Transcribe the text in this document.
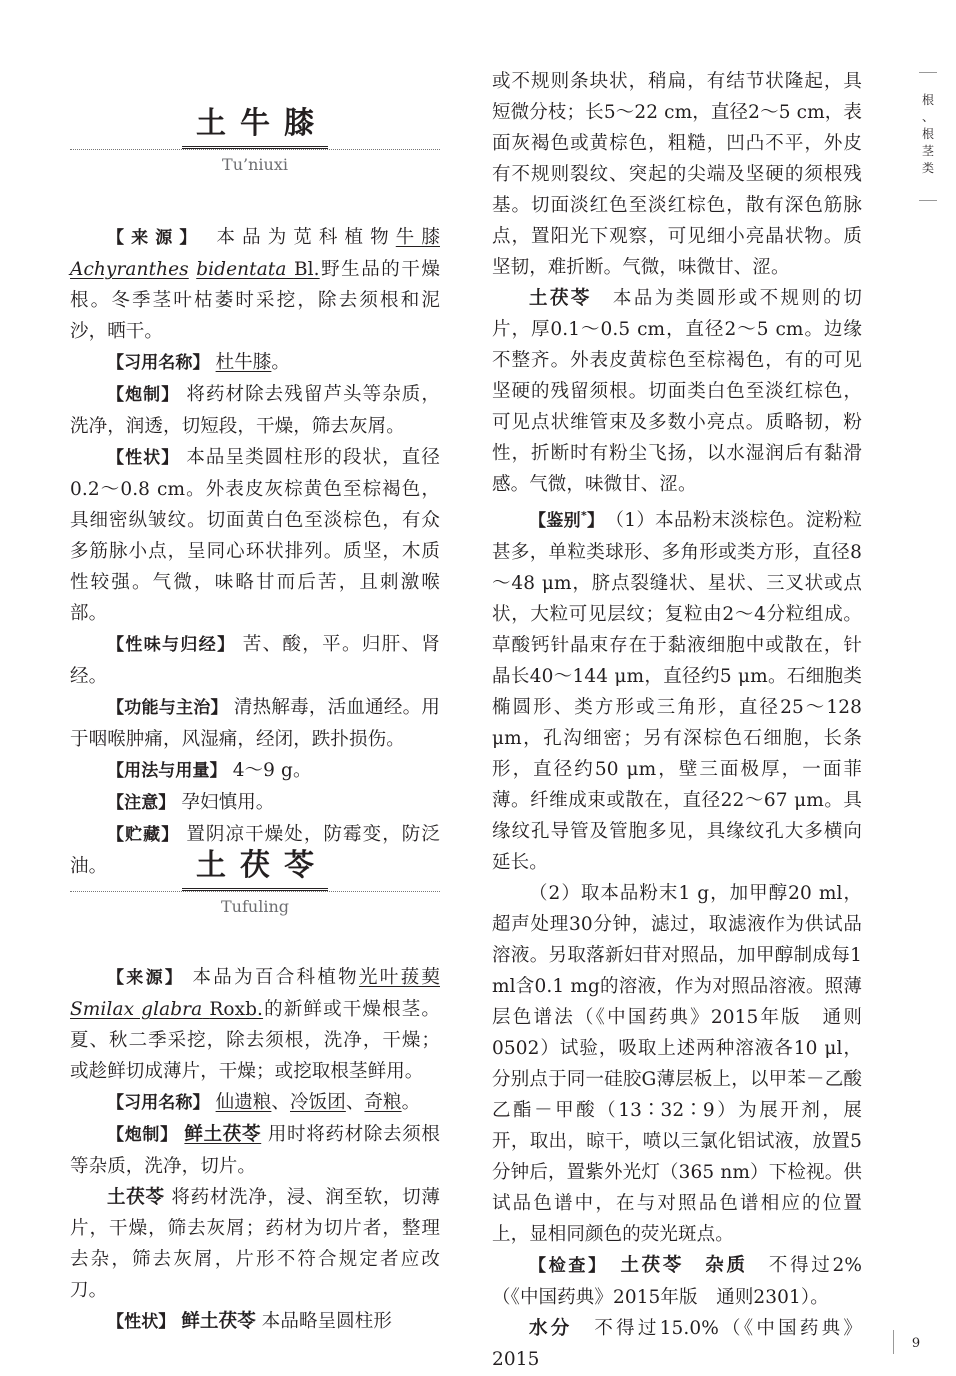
土牛膝
Tu’niuxi

【来源】 本品为苋科植物牛膝 Achyranthes bidentata Bl.野生品的干燥根。冬季茎叶枯萎时采挖，除去须根和泥沙，晒干。

【习用名称】 杜牛膝。

【炮制】 将药材除去残留芦头等杂质，洗净，润透，切短段，干燥，筛去灰屑。

【性状】 本品呈类圆柱形的段状，直径0.2～0.8 cm。外表皮灰棕黄色至棕褐色，具细密纵皱纹。切面黄白色至淡棕色，有众多筋脉小点，呈同心环状排列。质坚，木质性较强。气微，味略甘而后苦，且刺激喉部。

【性味与归经】 苦、酸，平。归肝、肾经。

【功能与主治】 清热解毒，活血通经。用于咽喉肿痛，风湿痛，经闭，跌扑损伤。

【用法与用量】 4～9 g。

【注意】 孕妇慎用。

【贮藏】 置阴凉干燥处，防霉变，防泛油。	土茯苓
Tufuling

【来源】 本品为百合科植物光叶菝葜 Smilax glabra Roxb.的新鲜或干燥根茎。夏、秋二季采挖，除去须根，洗净，干燥；或趁鲜切成薄片，干燥；或挖取根茎鲜用。

【习用名称】 仙遗粮、冷饭团、奇粮。

【炮制】 鲜土茯苓 用时将药材除去须根等杂质，洗净，切片。

土茯苓 将药材洗净，浸、润至软，切薄片，干燥，筛去灰屑；药材为切片者，整理去杂，筛去灰屑，片形不符合规定者应改刀。

【性状】 鲜土茯苓 本品略呈圆柱形

或不规则条块状，稍扁，有结节状隆起，具短微分枝；长5～22 cm，直径2～5 cm，表面灰褐色或黄棕色，粗糙，凹凸不平，外皮有不规则裂纹、突起的尖端及坚硬的须根残基。切面淡红色至淡红棕色，散有深色筋脉点，置阳光下观察，可见细小亮晶状物。质坚韧，难折断。气微，味微甘、涩。

土茯苓　 本品为类圆形或不规则的切片，厚0.1～0.5 cm，直径2～5 cm。边缘不整齐。外表皮黄棕色至棕褐色，有的可见坚硬的残留须根。切面类白色至淡红棕色，可见点状维管束及多数小亮点。质略韧，粉性，折断时有粉尘飞扬，以水湿润后有黏滑感。气微，味微甘、涩。

【鉴别*】　 （1）本品粉末淡棕色。淀粉粒甚多，单粒类球形、多角形或类方形，直径8～48 μm，脐点裂缝状、星状、三叉状或点状，大粒可见层纹；复粒由2～4分粒组成。草酸钙针晶束存在于黏液细胞中或散在，针晶长40～144 μm，直径约5 μm。石细胞类椭圆形、类方形或三角形，直径25～128 μm，孔沟细密；另有深棕色石细胞，长条形，直径约50 μm，壁三面极厚，一面菲薄。纤维成束或散在，直径22～67 μm。具缘纹孔导管及管胞多见，具缘纹孔大多横向延长。

（2）取本品粉末1 g，加甲醇20 ml，超声处理30分钟，滤过，取滤液作为供试品溶液。另取落新妇苷对照品，加甲醇制成每1 ml含0.1 mg的溶液，作为对照品溶液。照薄层色谱法（《中国药典》2015年版　通则0502）试验，吸取上述两种溶液各10 μl，分别点于同一硅胶G薄层板上，以甲苯－乙酸乙酯－甲酸（13∶32∶9）为展开剂，展开，取出，晾干，喷以三氯化铝试液，放置5分钟后，置紫外光灯（365 nm）下检视。供试品色谱中，在与对照品色谱相应的位置上，显相同颜色的荧光斑点。

【检查】　 土茯苓　 杂质　 不得过2%（《中国药典》2015年版　通则2301）。

水分　 不得过15.0%（《中国药典》2015

根
、
根
茎
类
9
